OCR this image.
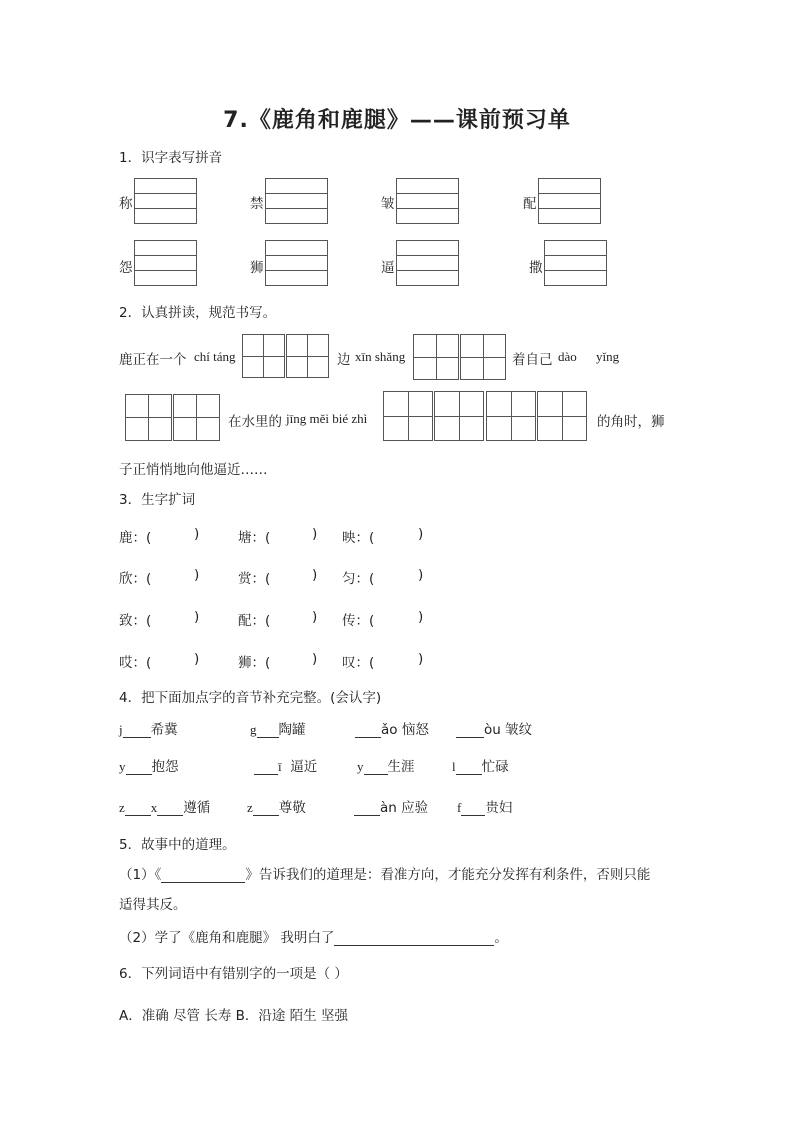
7.《鹿角和鹿腿》——课前预习单
1．识字表写拼音
称	禁	皱	配
怨	狮	逼	撒
2．认真拼读，规范书写。
鹿正在一个 chí táng	边 xīn shǎng	着自己 dào yǐng
在水里的 jīng měi bié zhì	的角时，狮
子正悄悄地向他逼近……
3．生字扩词
鹿：(	)	塘：(	) 映：(	)
欣：(	)	赏：(	) 匀：(	)
致：(	)	配：(	) 传：(	)
哎：(	)	狮：(	) 叹：(	)
4．把下面加点字的音节补充完整。(会认字)
j 希冀	g 陶罐	ǎo 恼怒	òu 皱纹
y 抱怨	ī 逼近	y 生涯	l 忙碌
z x 遵循	z 尊敬	àn 应验 f 贵妇
5．故事中的道理。
（1）《	》告诉我们的道理是：看准方向，才能充分发挥有利条件，否则只能
适得其反。
（2）学了《鹿角和鹿腿》 我明白了	。
6．下列词语中有错别字的一项是（ ）
A．准确 尽管 长寿 B．沿途 陌生 坚强
